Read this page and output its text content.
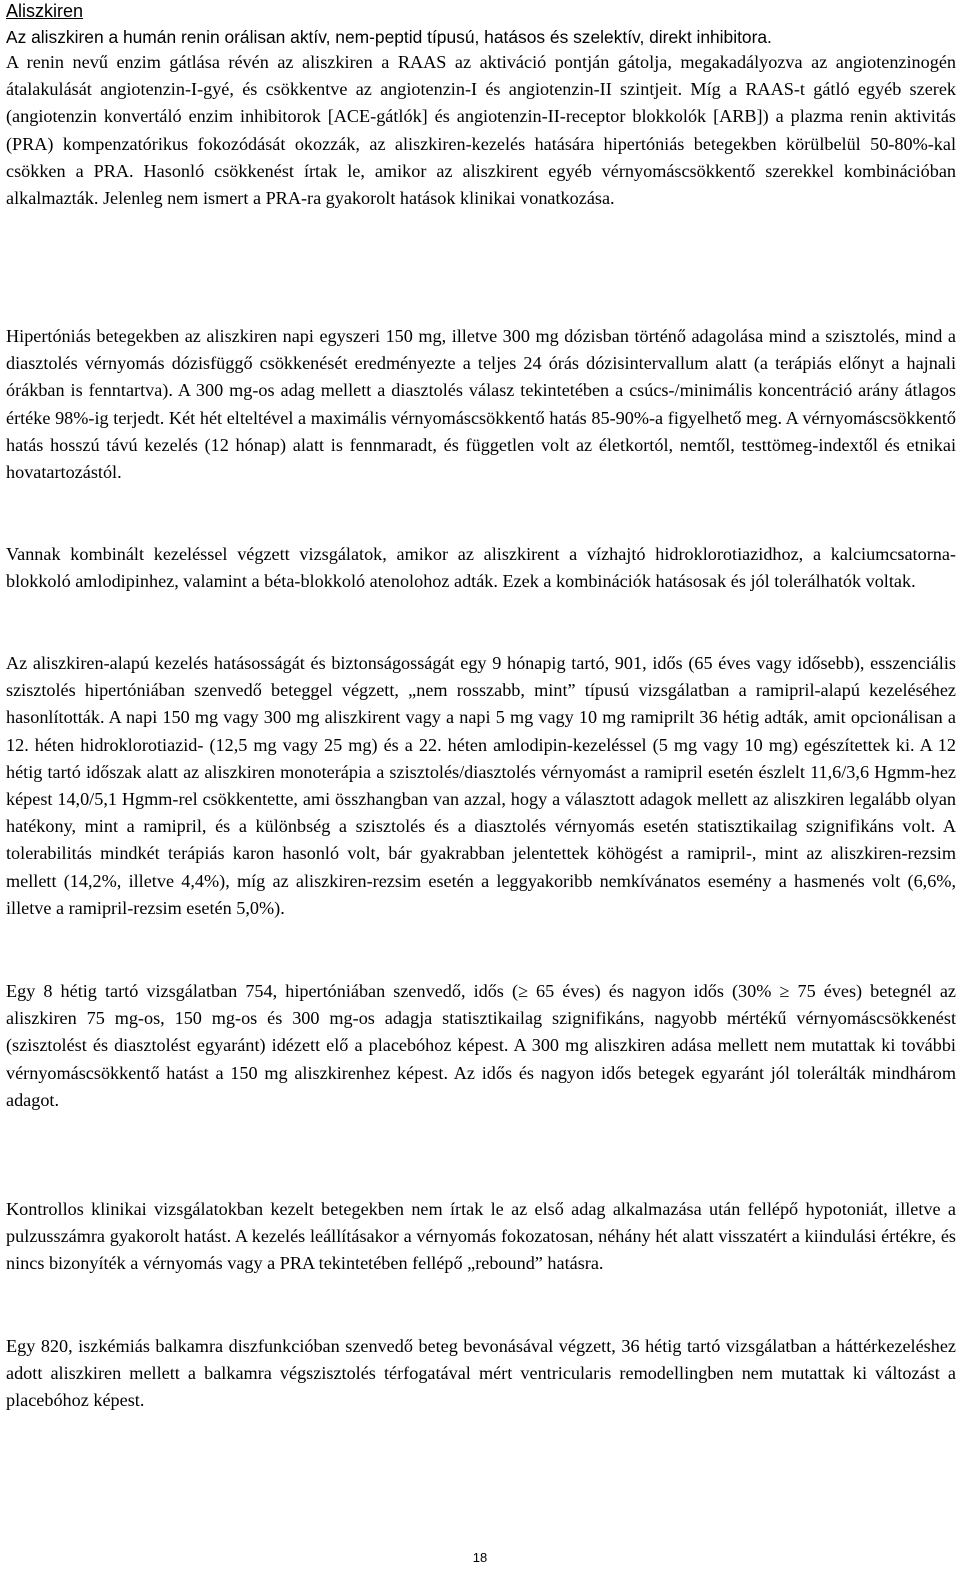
Aliszkiren

Az aliszkiren a humán renin orálisan aktív, nem-peptid típusú, hatásos és szelektív, direkt inhibitora.

A renin nevű enzim gátlása révén az aliszkiren a RAAS az aktiváció pontján gátolja, megakadályozva az angiotenzinogén átalakulását angiotenzin-I-gyé, és csökkentve az angiotenzin-I és angiotenzin-II szintjeit. Míg a RAAS-t gátló egyéb szerek (angiotenzin konvertáló enzim inhibitorok [ACE-gátlók] és angiotenzin-II-receptor blokkolók [ARB]) a plazma renin aktivitás (PRA) kompenzatórikus fokozódását okozzák, az aliszkiren-kezelés hatására hipertóniás betegekben körülbelül 50-80%-kal csökken a PRA. Hasonló csökkenést írtak le, amikor az aliszkirent egyéb vérnyomáscsökkentő szerekkel kombinációban alkalmazták. Jelenleg nem ismert a PRA-ra gyakorolt hatások klinikai vonatkozása.

Hipertóniás betegekben az aliszkiren napi egyszeri 150 mg, illetve 300 mg dózisban történő adagolása mind a szisztolés, mind a diasztolés vérnyomás dózisfüggő csökkenését eredményezte a teljes 24 órás dózisintervallum alatt (a terápiás előnyt a hajnali órákban is fenntartva). A 300 mg-os adag mellett a diasztolés válasz tekintetében a csúcs-/minimális koncentráció arány átlagos értéke 98%-ig terjedt. Két hét elteltével a maximális vérnyomáscsökkentő hatás 85-90%-a figyelhető meg. A vérnyomáscsökkentő hatás hosszú távú kezelés (12 hónap) alatt is fennmaradt, és független volt az életkortól, nemtől, testtömeg-indextől és etnikai hovatartozástól.

Vannak kombinált kezeléssel végzett vizsgálatok, amikor az aliszkirent a vízhajtó hidroklorotiazidhoz, a kalciumcsatorna-blokkoló amlodipinhez, valamint a béta-blokkoló atenolohoz adták. Ezek a kombinációk hatásosak és jól tolerálhatók voltak.

Az aliszkiren-alapú kezelés hatásosságát és biztonságosságát egy 9 hónapig tartó, 901, idős (65 éves vagy idősebb), esszenciális szisztolés hipertóniában szenvedő beteggel végzett, „nem rosszabb, mint” típusú vizsgálatban a ramipril-alapú kezeléséhez hasonlították. A napi 150 mg vagy 300 mg aliszkirent vagy a napi 5 mg vagy 10 mg ramiprilt 36 hétig adták, amit opcionálisan a 12. héten hidroklorotiazid- (12,5 mg vagy 25 mg) és a 22. héten amlodipin-kezeléssel (5 mg vagy 10 mg) egészítettek ki. A 12 hétig tartó időszak alatt az aliszkiren monoterápia a szisztolés/diasztolés vérnyomást a ramipril esetén észlelt 11,6/3,6 Hgmm-hez képest 14,0/5,1 Hgmm-rel csökkentette, ami összhangban van azzal, hogy a választott adagok mellett az aliszkiren legalább olyan hatékony, mint a ramipril, és a különbség a szisztolés és a diasztolés vérnyomás esetén statisztikailag szignifikáns volt. A tolerabilitás mindkét terápiás karon hasonló volt, bár gyakrabban jelentettek köhögést a ramipril-, mint az aliszkiren-rezsim mellett (14,2%, illetve 4,4%), míg az aliszkiren-rezsim esetén a leggyakoribb nemkívánatos esemény a hasmenés volt (6,6%, illetve a ramipril-rezsim esetén 5,0%).

Egy 8 hétig tartó vizsgálatban 754, hipertóniában szenvedő, idős (≥ 65 éves) és nagyon idős (30% ≥ 75 éves) betegnél az aliszkiren 75 mg-os, 150 mg-os és 300 mg-os adagja statisztikailag szignifikáns, nagyobb mértékű vérnyomáscsökkenést (szisztolést és diasztolést egyaránt) idézett elő a placebóhoz képest. A 300 mg aliszkiren adása mellett nem mutattak ki további vérnyomáscsökkentő hatást a 150 mg aliszkirenhez képest. Az idős és nagyon idős betegek egyaránt jól tolerálták mindhárom adagot.

Kontrollos klinikai vizsgálatokban kezelt betegekben nem írtak le az első adag alkalmazása után fellépő hypotoniát, illetve a pulzusszámra gyakorolt hatást. A kezelés leállításakor a vérnyomás fokozatosan, néhány hét alatt visszatért a kiindulási értékre, és nincs bizonyíték a vérnyomás vagy a PRA tekintetében fellépő „rebound” hatásra.

Egy 820, iszkémiás balkamra diszfunkcióban szenvedő beteg bevonásával végzett, 36 hétig tartó vizsgálatban a háttérkezeléshez adott aliszkiren mellett a balkamra végszisztolés térfogatával mért ventricularis remodellingben nem mutattak ki változást a placebóhoz képest.

18
